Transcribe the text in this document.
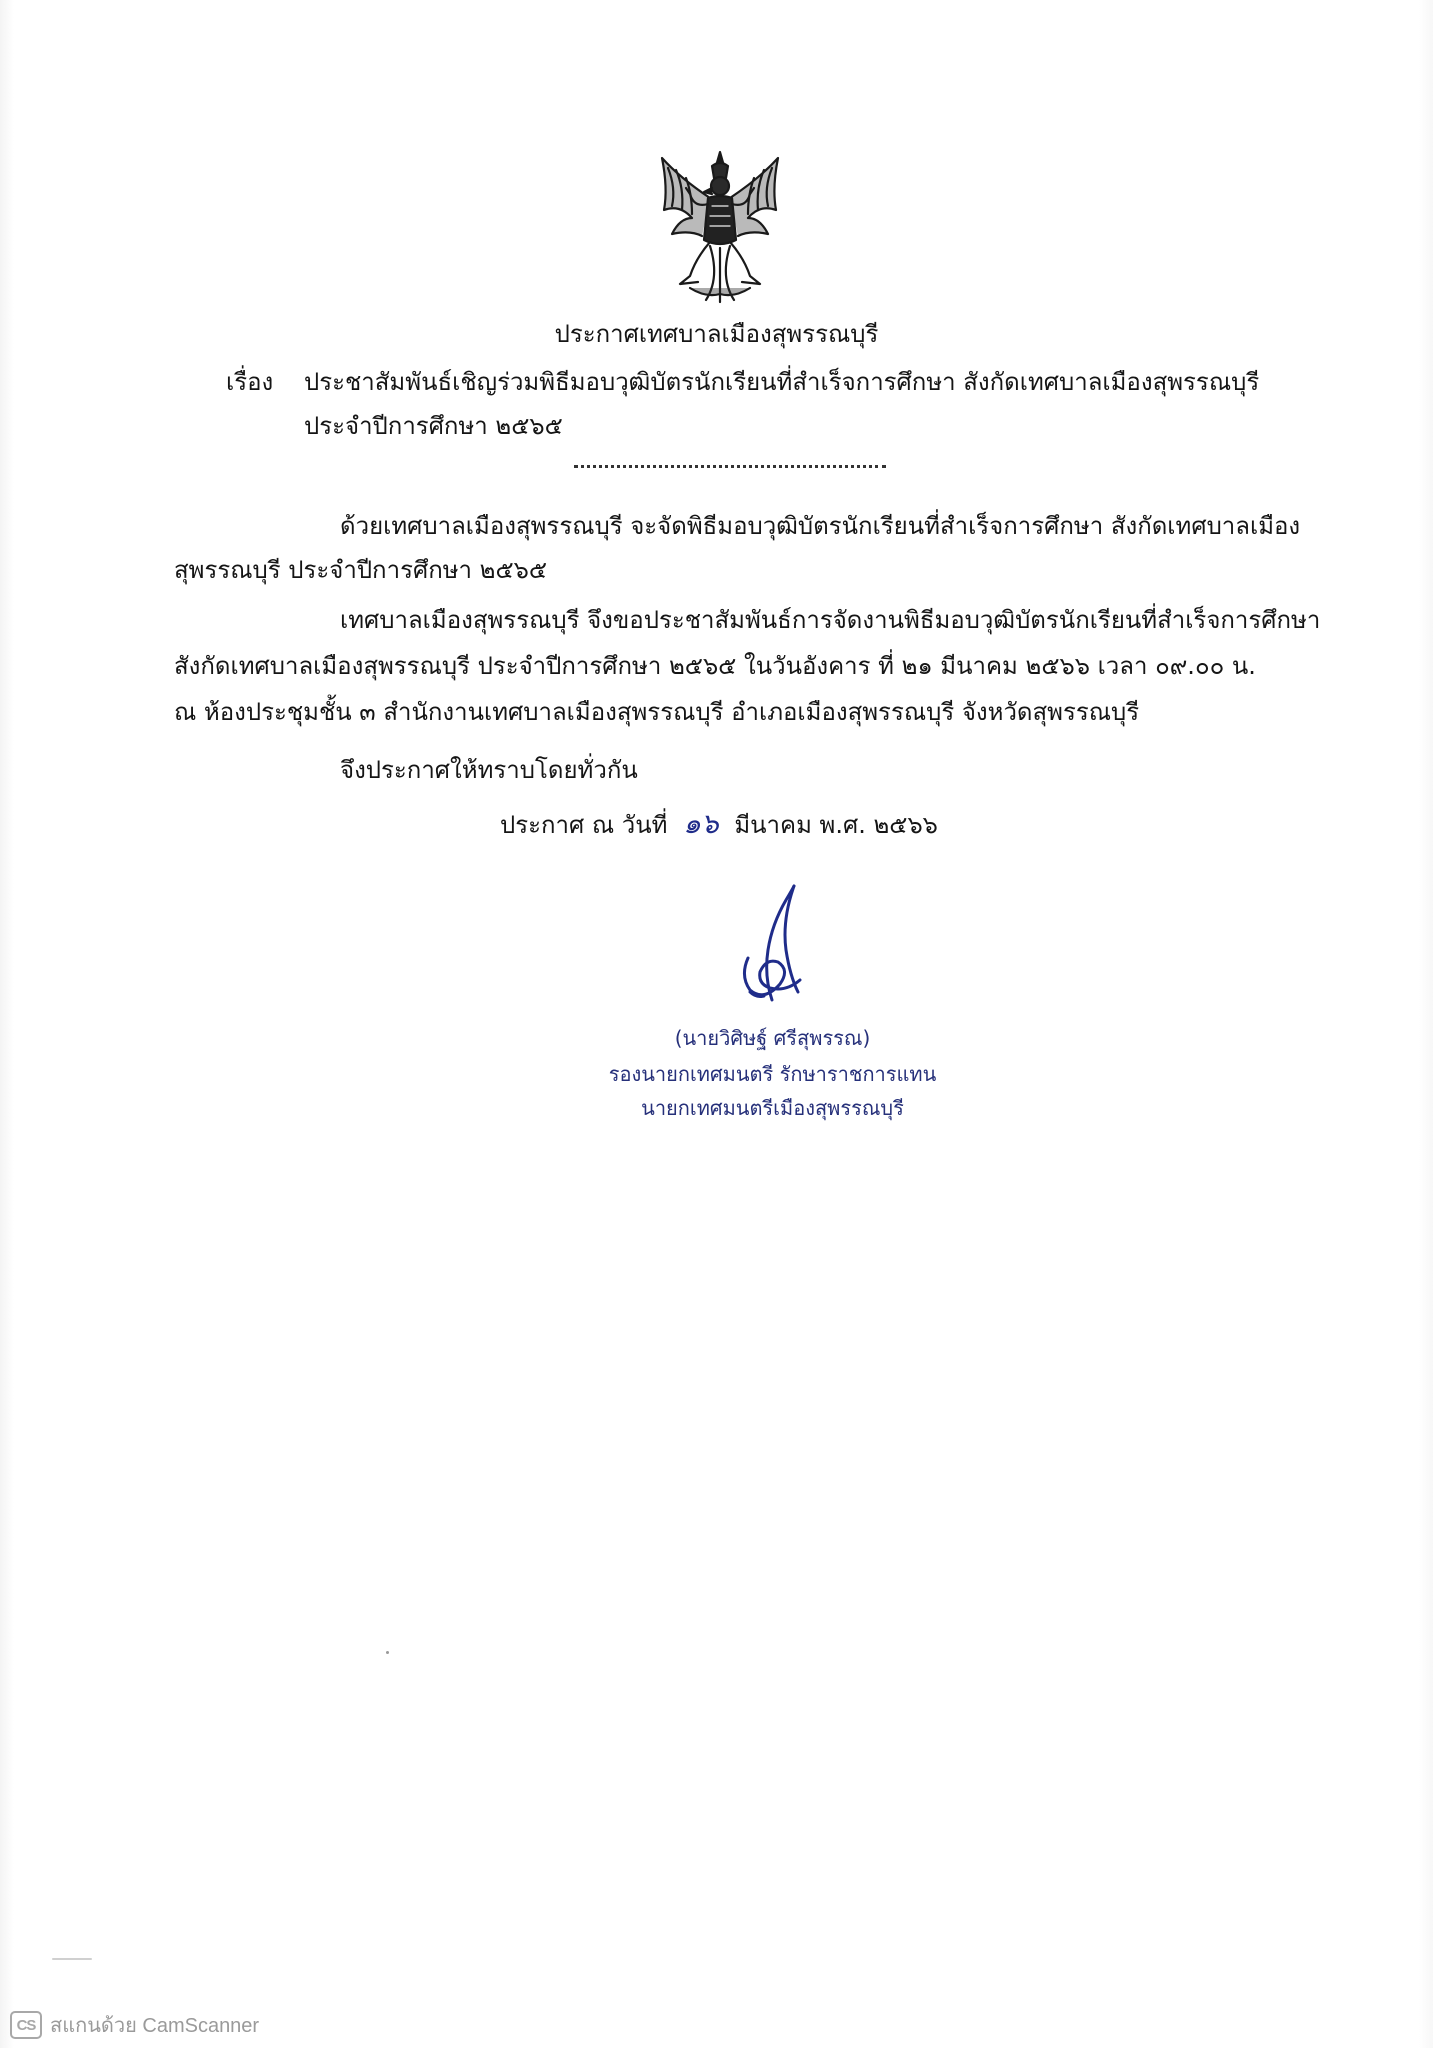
ประกาศเทศบาลเมืองสุพรรณบุรี
เรื่อง ประชาสัมพันธ์เชิญร่วมพิธีมอบวุฒิบัตรนักเรียนที่สำเร็จการศึกษา สังกัดเทศบาลเมืองสุพรรณบุรี
ประจำปีการศึกษา ๒๕๖๕
ด้วยเทศบาลเมืองสุพรรณบุรี จะจัดพิธีมอบวุฒิบัตรนักเรียนที่สำเร็จการศึกษา สังกัดเทศบาลเมือง
สุพรรณบุรี ประจำปีการศึกษา ๒๕๖๕
เทศบาลเมืองสุพรรณบุรี จึงขอประชาสัมพันธ์การจัดงานพิธีมอบวุฒิบัตรนักเรียนที่สำเร็จการศึกษา
สังกัดเทศบาลเมืองสุพรรณบุรี ประจำปีการศึกษา ๒๕๖๕ ในวันอังคาร ที่ ๒๑ มีนาคม ๒๕๖๖ เวลา ๐๙.๐๐ น.
ณ ห้องประชุมชั้น ๓ สำนักงานเทศบาลเมืองสุพรรณบุรี อำเภอเมืองสุพรรณบุรี จังหวัดสุพรรณบุรี
จึงประกาศให้ทราบโดยทั่วกัน
ประกาศ ณ วันที่ ๑๖ มีนาคม พ.ศ. ๒๕๖๖
(นายวิศิษฐ์ ศรีสุพรรณ)
รองนายกเทศมนตรี รักษาราชการแทน
นายกเทศมนตรีเมืองสุพรรณบุรี
CS สแกนด้วย CamScanner
